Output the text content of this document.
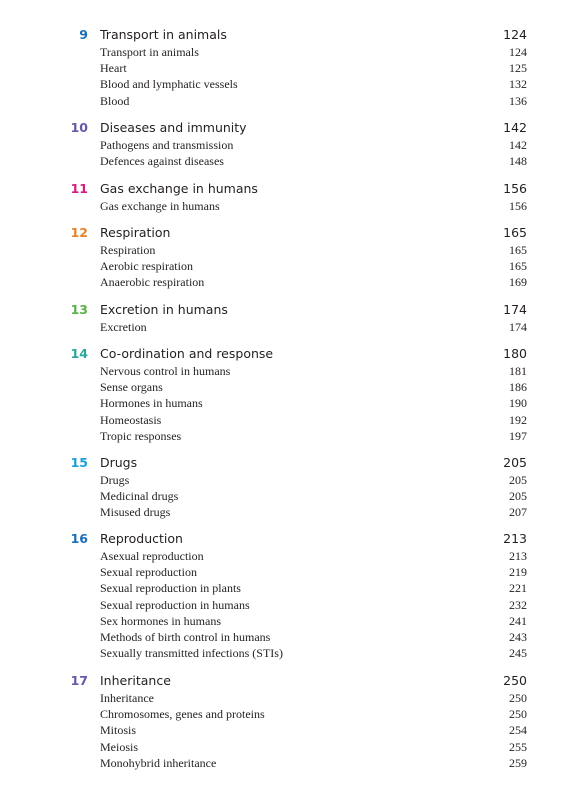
9 Transport in animals	124
Transport in animals	124
Heart	125
Blood and lymphatic vessels	132
Blood	136
10 Diseases and immunity	142
Pathogens and transmission	142
Defences against diseases	148
11 Gas exchange in humans	156
Gas exchange in humans	156
12 Respiration	165
Respiration	165
Aerobic respiration	165
Anaerobic respiration	169
13 Excretion in humans	174
Excretion	174
14 Co-ordination and response	180
Nervous control in humans	181
Sense organs	186
Hormones in humans	190
Homeostasis	192
Tropic responses	197
15 Drugs	205
Drugs	205
Medicinal drugs	205
Misused drugs	207
16 Reproduction	213
Asexual reproduction	213
Sexual reproduction	219
Sexual reproduction in plants	221
Sexual reproduction in humans	232
Sex hormones in humans	241
Methods of birth control in humans	243
Sexually transmitted infections (STIs)	245
17 Inheritance	250
Inheritance	250
Chromosomes, genes and proteins	250
Mitosis	254
Meiosis	255
Monohybrid inheritance	259
